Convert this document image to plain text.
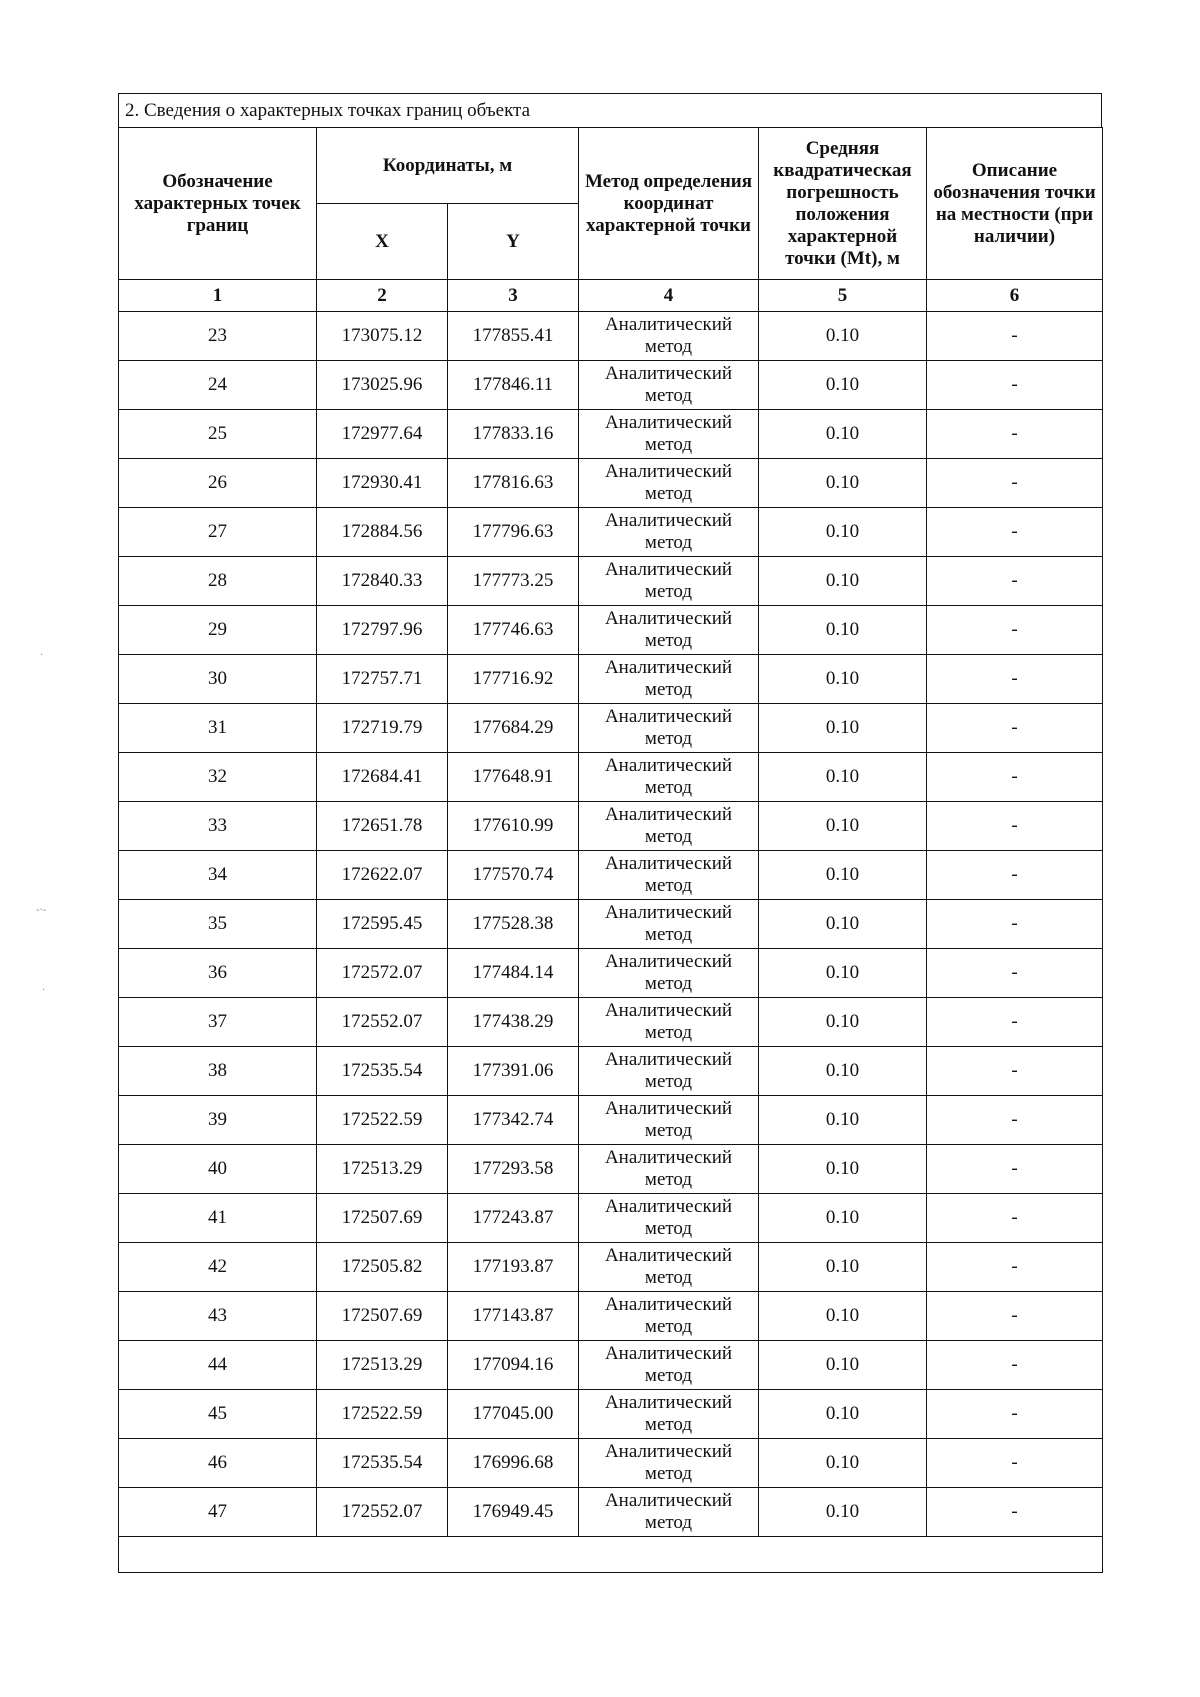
·
-·-
·
2. Сведения о характерных точках границ объекта
Обозначение характерных точек границ	Координаты, м		Метод определения координат характерной точки	Средняя квадратическая погрешность положения характерной точки (Mt), м	Описание обозначения точки на местности (при наличии)
	X	Y			
1	2	3	4	5	6
23	173075.12	177855.41	Аналитический метод	0.10	-
24	173025.96	177846.11	Аналитический метод	0.10	-
25	172977.64	177833.16	Аналитический метод	0.10	-
26	172930.41	177816.63	Аналитический метод	0.10	-
27	172884.56	177796.63	Аналитический метод	0.10	-
28	172840.33	177773.25	Аналитический метод	0.10	-
29	172797.96	177746.63	Аналитический метод	0.10	-
30	172757.71	177716.92	Аналитический метод	0.10	-
31	172719.79	177684.29	Аналитический метод	0.10	-
32	172684.41	177648.91	Аналитический метод	0.10	-
33	172651.78	177610.99	Аналитический метод	0.10	-
34	172622.07	177570.74	Аналитический метод	0.10	-
35	172595.45	177528.38	Аналитический метод	0.10	-
36	172572.07	177484.14	Аналитический метод	0.10	-
37	172552.07	177438.29	Аналитический метод	0.10	-
38	172535.54	177391.06	Аналитический метод	0.10	-
39	172522.59	177342.74	Аналитический метод	0.10	-
40	172513.29	177293.58	Аналитический метод	0.10	-
41	172507.69	177243.87	Аналитический метод	0.10	-
42	172505.82	177193.87	Аналитический метод	0.10	-
43	172507.69	177143.87	Аналитический метод	0.10	-
44	172513.29	177094.16	Аналитический метод	0.10	-
45	172522.59	177045.00	Аналитический метод	0.10	-
46	172535.54	176996.68	Аналитический метод	0.10	-
47	172552.07	176949.45	Аналитический метод	0.10	-
